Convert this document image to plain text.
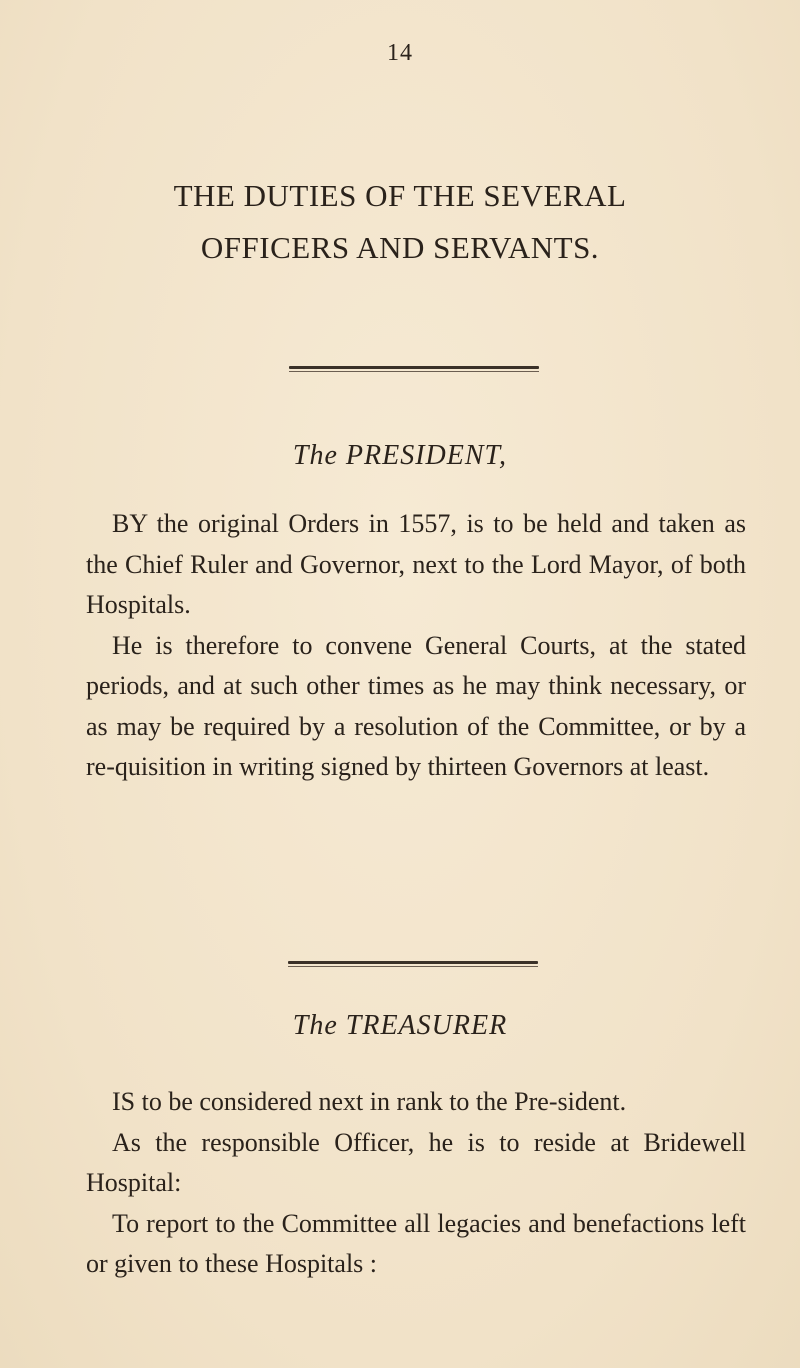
14
THE DUTIES OF THE SEVERAL
OFFICERS AND SERVANTS.
The PRESIDENT,

BY the original Orders in 1557, is to be held and taken as the Chief Ruler and Governor, next to the Lord Mayor, of both Hospitals.

He is therefore to convene General Courts, at the stated periods, and at such other times as he may think necessary, or as may be required by a resolution of the Committee, or by a re-quisition in writing signed by thirteen Governors at least.

The TREASURER

IS to be considered next in rank to the Pre-sident.

As the responsible Officer, he is to reside at Bridewell Hospital:

To report to the Committee all legacies and benefactions left or given to these Hospitals :
